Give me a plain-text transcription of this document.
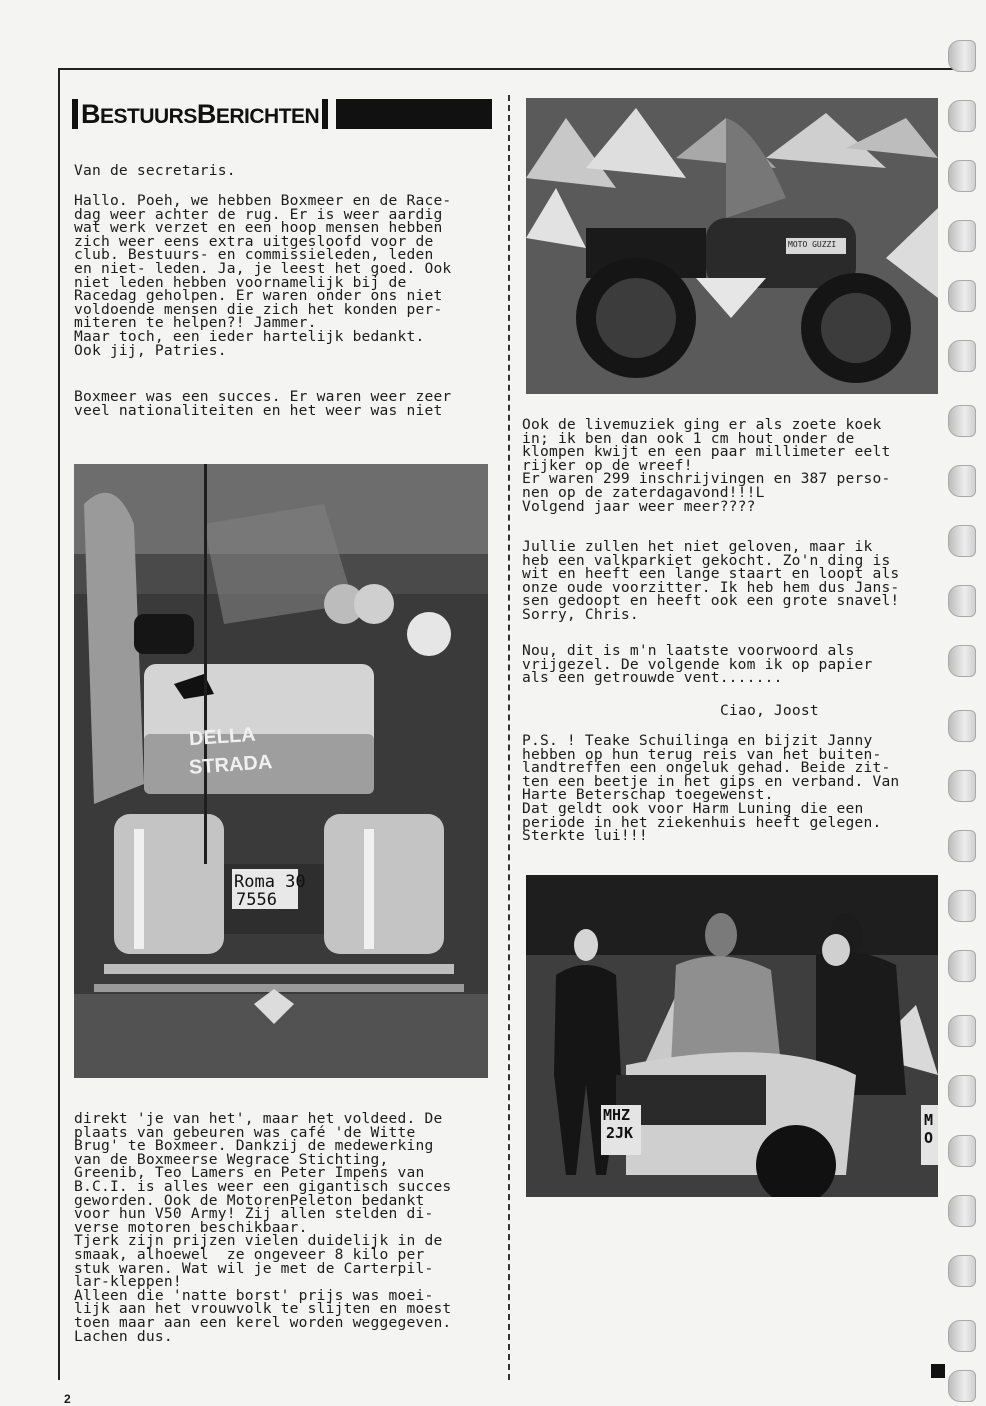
BESTUURSBERICHTEN
Van de secretaris.
Hallo. Poeh, we hebben Boxmeer en de Race-
dag weer achter de rug. Er is weer aardig
wat werk verzet en een hoop mensen hebben
zich weer eens extra uitgesloofd voor de
club. Bestuurs- en commissieleden, leden
en niet- leden. Ja, je leest het goed. Ook
niet leden hebben voornamelijk bij de
Racedag geholpen. Er waren onder ons niet
voldoende mensen die zich het konden per-
miteren te helpen?! Jammer.
Maar toch, een ieder hartelijk bedankt.
Ook jij, Patries.
Boxmeer was een succes. Er waren weer zeer
veel nationaliteiten en het weer was niet
DELLA
STRADA
Roma 30
7556
direkt 'je van het', maar het voldeed. De
plaats van gebeuren was café 'de Witte
Brug' te Boxmeer. Dankzij de medewerking
van de Boxmeerse Wegrace Stichting,
Greenib, Teo Lamers en Peter Impens van
B.C.I. is alles weer een gigantisch succes
geworden. Ook de MotorenPeleton bedankt
voor hun V50 Army! Zij allen stelden di-
verse motoren beschikbaar.
Tjerk zijn prijzen vielen duidelijk in de
smaak, alhoewel  ze ongeveer 8 kilo per
stuk waren. Wat wil je met de Carterpil-
lar-kleppen!
Alleen die 'natte borst' prijs was moei-
lijk aan het vrouwvolk te slijten en moest
toen maar aan een kerel worden weggegeven.
Lachen dus.
MOTO GUZZI
Ook de livemuziek ging er als zoete koek
in; ik ben dan ook 1 cm hout onder de
klompen kwijt en een paar millimeter eelt
rijker op de wreef!
Er waren 299 inschrijvingen en 387 perso-
nen op de zaterdagavond!!!L
Volgend jaar weer meer????
Jullie zullen het niet geloven, maar ik
heb een valkparkiet gekocht. Zo'n ding is
wit en heeft een lange staart en loopt als
onze oude voorzitter. Ik heb hem dus Jans-
sen gedoopt en heeft ook een grote snavel!
Sorry, Chris.
Nou, dit is m'n laatste voorwoord als
vrijgezel. De volgende kom ik op papier
als een getrouwde vent.......
Ciao, Joost
P.S. ! Teake Schuilinga en bijzit Janny
hebben op hun terug reis van het buiten-
landtreffen een ongeluk gehad. Beide zit-
ten een beetje in het gips en verband. Van
Harte Beterschap toegewenst.
Dat geldt ook voor Harm Luning die een
periode in het ziekenhuis heeft gelegen.
Sterkte lui!!!
MHZ
2JK
M
O
2
